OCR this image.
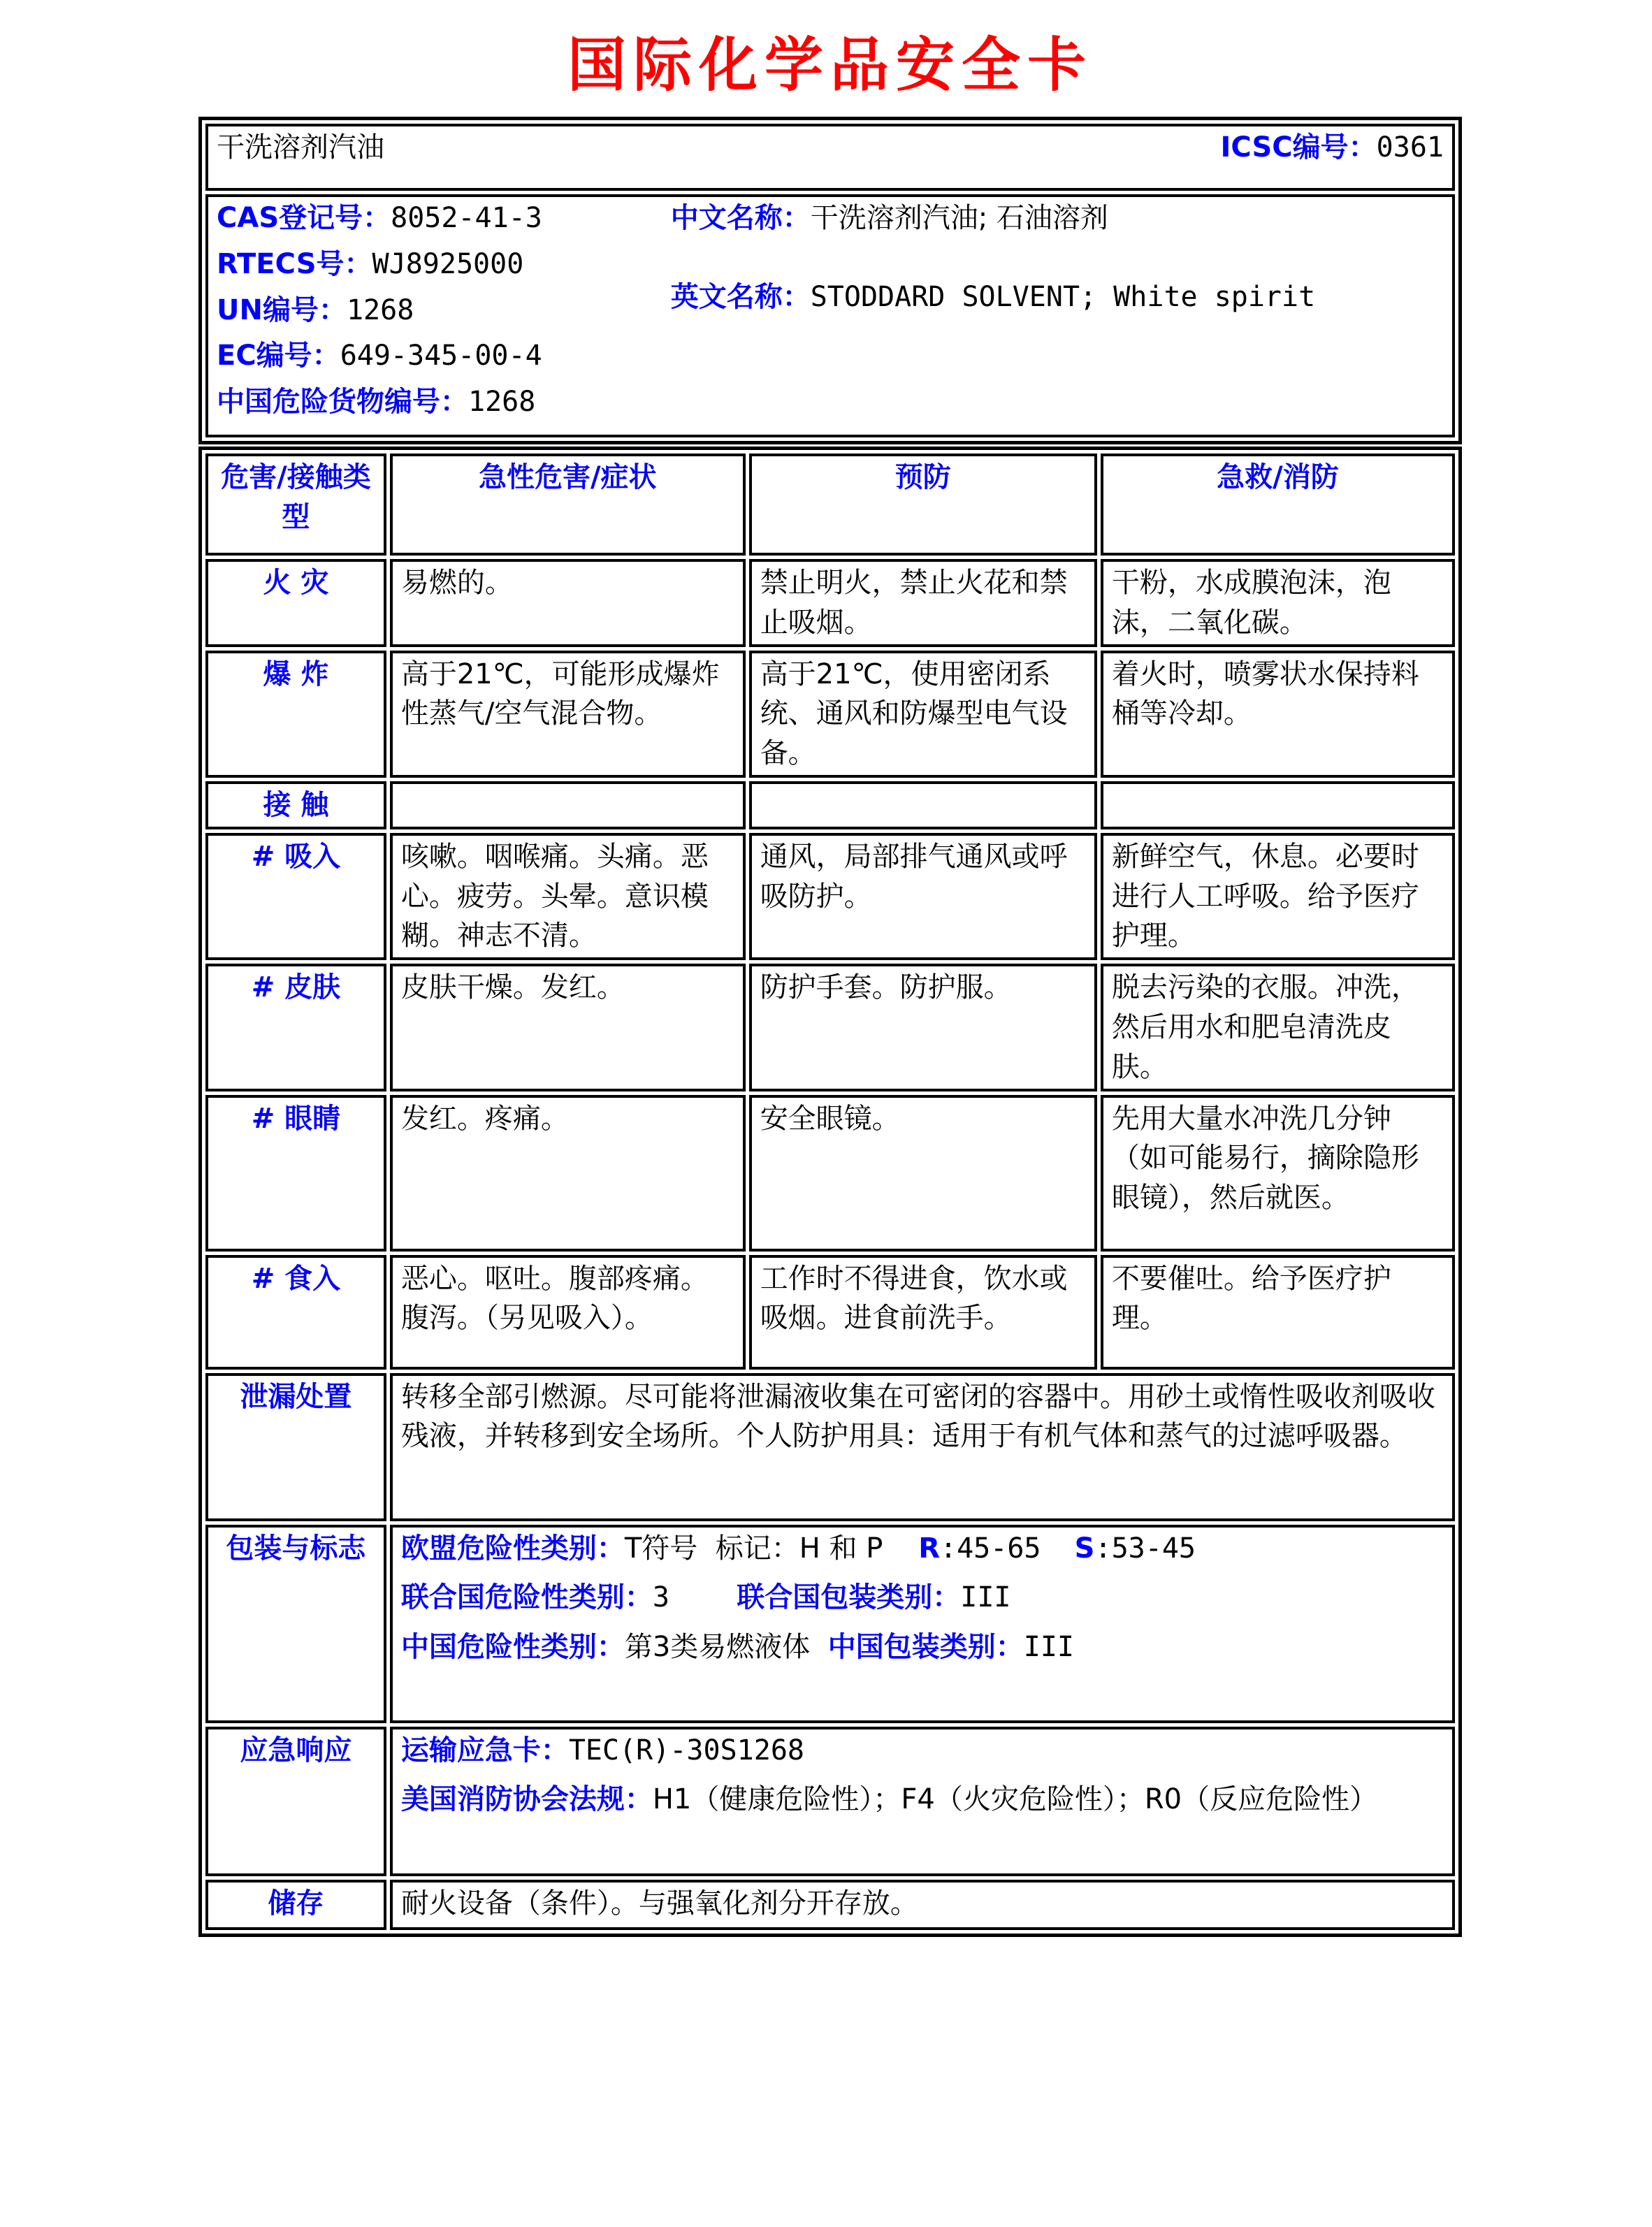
国际化学品安全卡
干洗溶剂汽油	ICSC编号：0361

CAS登记号：8052-41-3
RTECS号：WJ8925000
UN编号：1268
EC编号：649-345-00-4
中国危险货物编号：1268
中文名称：干洗溶剂汽油; 石油溶剂
英文名称：STODDARD SOLVENT; White spirit
危害/接触类型	急性危害/症状	预防	急救/消防
火 灾	易燃的。	禁止明火，禁止火花和禁止吸烟。	干粉，水成膜泡沫，泡沫，二氧化碳。
爆 炸	高于21℃，可能形成爆炸性蒸气/空气混合物。	高于21℃，使用密闭系统、通风和防爆型电气设备。	着火时，喷雾状水保持料桶等冷却。
接 触			
# 吸入	咳嗽。咽喉痛。头痛。恶心。疲劳。头晕。意识模糊。神志不清。	通风，局部排气通风或呼吸防护。	新鲜空气，休息。必要时进行人工呼吸。给予医疗护理。
# 皮肤	皮肤干燥。发红。	防护手套。防护服。	脱去污染的衣服。冲洗，然后用水和肥皂清洗皮肤。
# 眼睛	发红。疼痛。	安全眼镜。	先用大量水冲洗几分钟（如可能易行，摘除隐形眼镜），然后就医。
# 食入	恶心。呕吐。腹部疼痛。腹泻。（另见吸入）。	工作时不得进食，饮水或吸烟。进食前洗手。	不要催吐。给予医疗护理。
泄漏处置	转移全部引燃源。尽可能将泄漏液收集在可密闭的容器中。用砂土或惰性吸收剂吸收残液，并转移到安全场所。个人防护用具：适用于有机气体和蒸气的过滤呼吸器。		

包装与标志	欧盟危险性类别：T符号  标记：H 和 P    R:45-65  S:53-45
联合国危险性类别：3    联合国包装类别：III
中国危险性类别：第3类易燃液体  中国包装类别：III		

应急响应	运输应急卡：TEC(R)-30S1268
美国消防协会法规：H1（健康危险性）；F4（火灾危险性）；R0（反应危险性）		

储存	耐火设备（条件）。与强氧化剂分开存放。		
